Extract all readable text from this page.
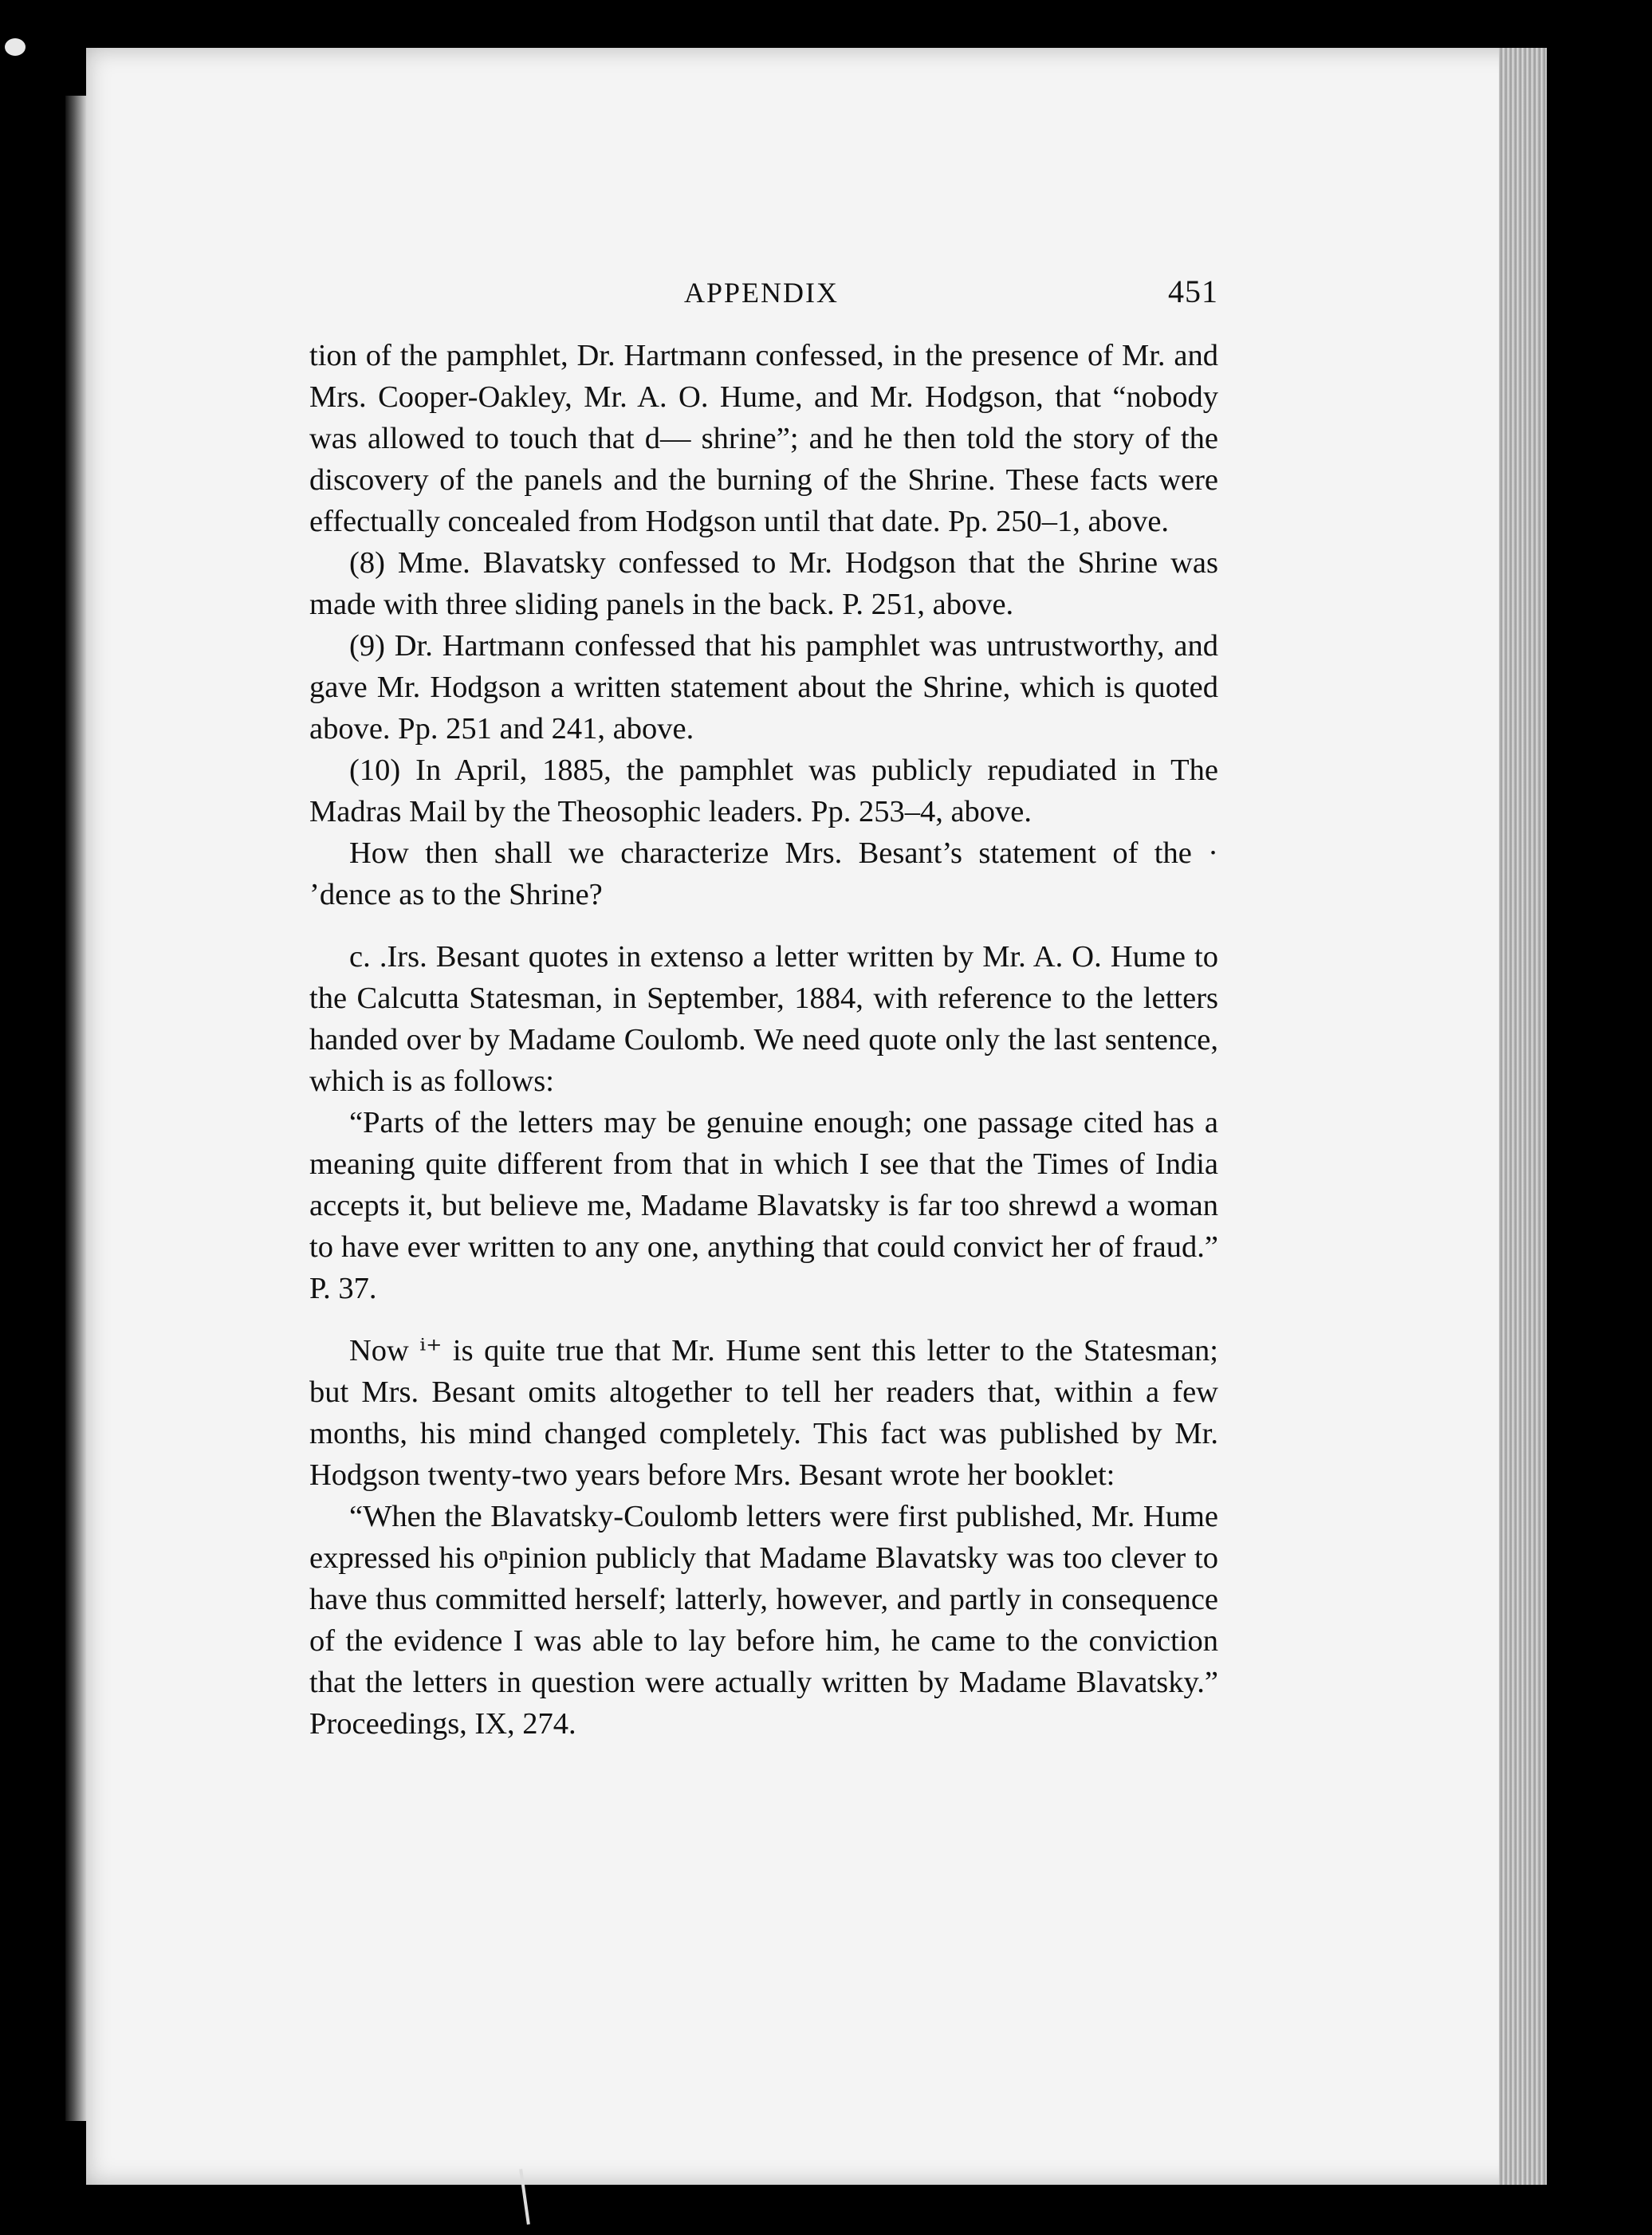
APPENDIX	451

tion of the pamphlet, Dr. Hartmann confessed, in the presence of Mr. and Mrs. Cooper-Oakley, Mr. A. O. Hume, and Mr. Hodgson, that “nobody was allowed to touch that d— shrine”; and he then told the story of the discovery of the panels and the burning of the Shrine. These facts were effectually concealed from Hodgson until that date. Pp. 250–1, above.

(8) Mme. Blavatsky confessed to Mr. Hodgson that the Shrine was made with three sliding panels in the back. P. 251, above.

(9) Dr. Hartmann confessed that his pamphlet was untrustworthy, and gave Mr. Hodgson a written statement about the Shrine, which is quoted above. Pp. 251 and 241, above.

(10) In April, 1885, the pamphlet was publicly repudiated in The Madras Mail by the Theosophic leaders. Pp. 253–4, above.

How then shall we characterize Mrs. Besant’s statement of the · ’dence as to the Shrine?

c. .Irs. Besant quotes in extenso a letter written by Mr. A. O. Hume to the Calcutta Statesman, in September, 1884, with reference to the letters handed over by Madame Coulomb. We need quote only the last sentence, which is as follows:

“Parts of the letters may be genuine enough; one passage cited has a meaning quite different from that in which I see that the Times of India accepts it, but believe me, Madame Blavatsky is far too shrewd a woman to have ever written to any one, anything that could convict her of fraud.” P. 37.

Now ⁱ⁺ is quite true that Mr. Hume sent this letter to the Statesman; but Mrs. Besant omits altogether to tell her readers that, within a few months, his mind changed completely. This fact was published by Mr. Hodgson twenty-two years before Mrs. Besant wrote her booklet:

“When the Blavatsky-Coulomb letters were first published, Mr. Hume expressed his oⁿpinion publicly that Madame Blavatsky was too clever to have thus committed herself; latterly, however, and partly in consequence of the evidence I was able to lay before him, he came to the conviction that the letters in question were actually written by Madame Blavatsky.” Proceedings, IX, 274.
